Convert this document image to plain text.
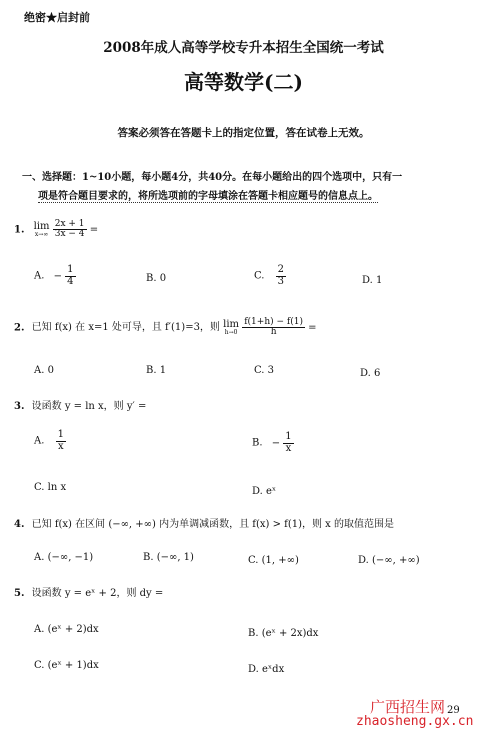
绝密★启封前
2008年成人高等学校专升本招生全国统一考试
高等数学(二)
答案必须答在答题卡上的指定位置，答在试卷上无效。
一、选择题：1~10小题，每小题4分，共40分。在每小题给出的四个选项中，只有一
项是符合题目要求的，将所选项前的字母填涂在答题卡相应题号的信息点上。
1. lim
x→∞
$\frac{2x + 1}{3x - 4}$ =
A. − $\frac{1}{4}$	B. 0	C. $\frac{2}{3}$	D. 1
2. 已知 f(x) 在 x=1 处可导，且 f′(1)=3，则 lim
h→0
$\frac{f(1+h) - f(1)}{h}$ =
A. 0	B. 1	C. 3	D. 6
3. 设函数 y = ln x，则 y′ =
A. $\frac{1}{x}$	B. − $\frac{1}{x}$
C. ln x	D. eˣ
4. 已知 f(x) 在区间 (−∞, +∞) 内为单调减函数，且 f(x) > f(1)，则 x 的取值范围是
A. (−∞, −1)	B. (−∞, 1)	C. (1, +∞)	D. (−∞, +∞)
5. 设函数 y = eˣ + 2，则 dy =
A. (eˣ + 2)dx	B. (eˣ + 2x)dx
C. (eˣ + 1)dx	D. eˣdx
29
广西招生网
zhaosheng.gx.cn
